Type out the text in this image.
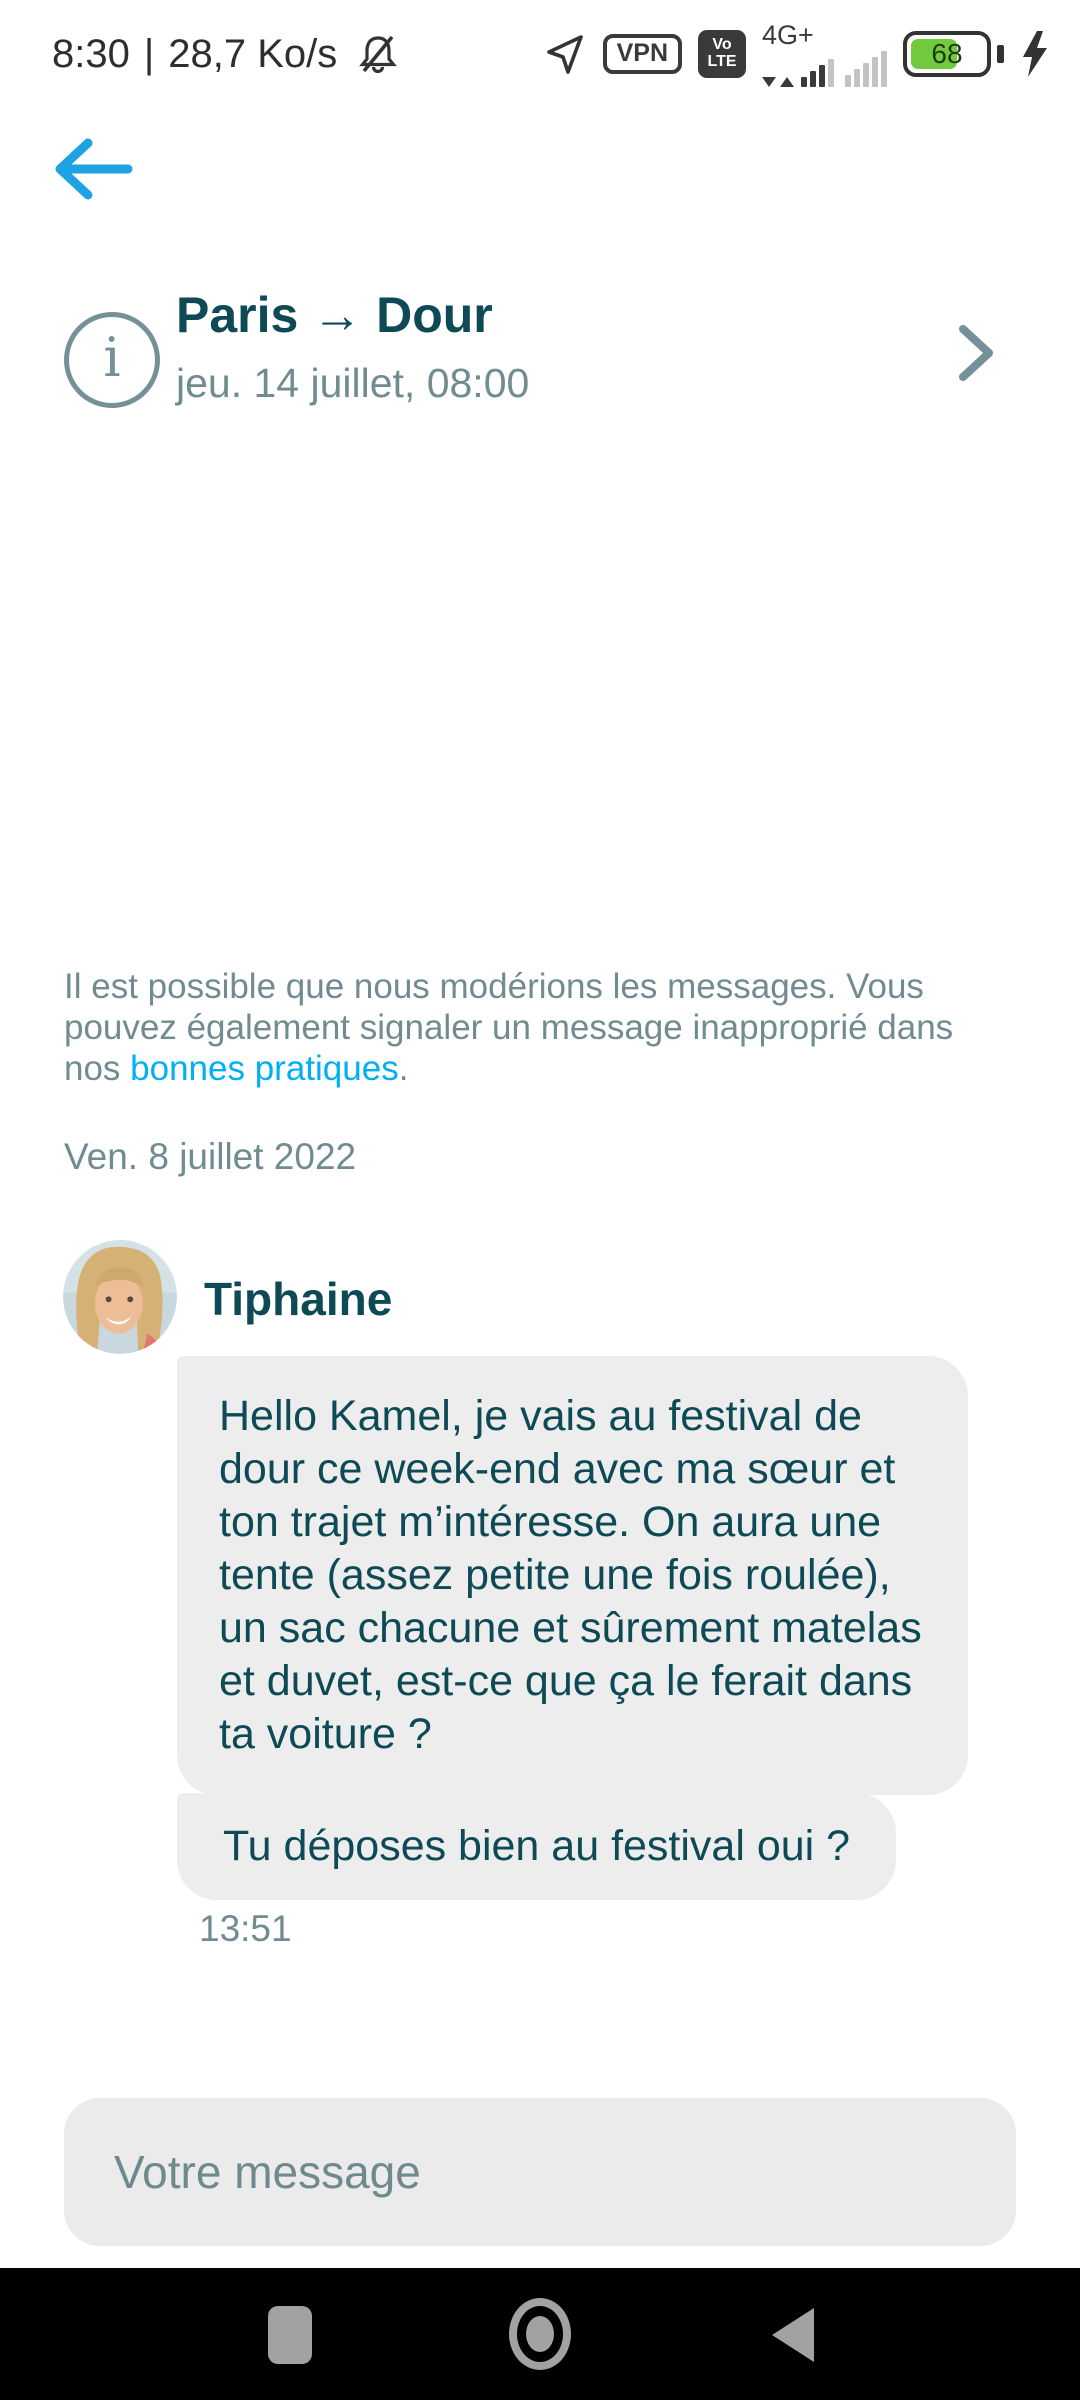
8:30 | 28,7 Ko/s	VPN	Vo
LTE
4G+
68
i
Paris → Dour
jeu. 14 juillet, 08:00
Il est possible que nous modérions les messages. Vous pouvez également signaler un message inapproprié dans nos bonnes pratiques.
Ven. 8 juillet 2022
Tiphaine
Hello Kamel, je vais au festival de dour ce week-end avec ma sœur et ton trajet m’intéresse. On aura une tente (assez petite une fois roulée), un sac chacune et sûrement matelas et duvet, est-ce que ça le ferait dans ta voiture ?
Tu déposes bien au festival oui ?
13:51
Votre message
